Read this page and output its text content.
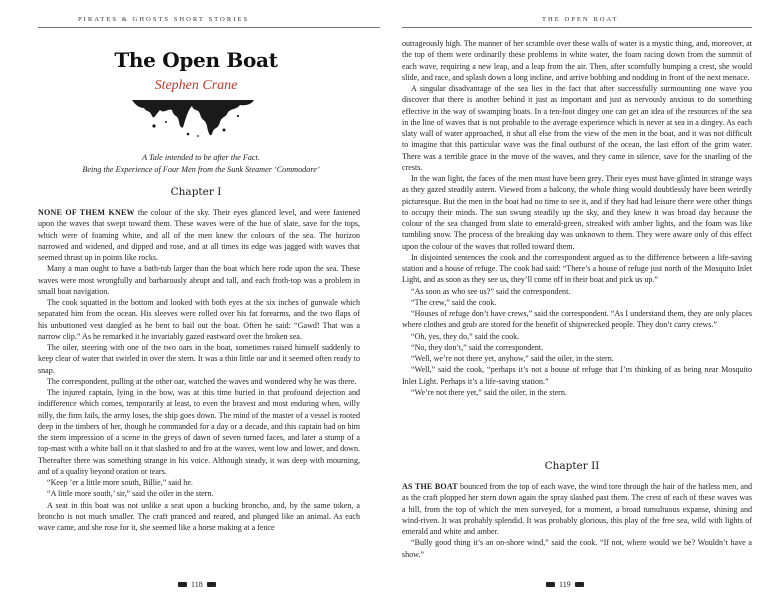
PIRATES & GHOSTS SHORT STORIES
The Open Boat
Stephen Crane
A Tale intended to be after the Fact.
Being the Experience of Four Men from the Sunk Steamer ‘Commodore’
Chapter I

NONE OF THEM KNEW the colour of the sky. Their eyes glanced level, and were fastened upon the waves that swept toward them. These waves were of the hue of slate, save for the tops, which were of foaming white, and all of the men knew the colours of the sea. The horizon narrowed and widened, and dipped and rose, and at all times its edge was jagged with waves that seemed thrust up in points like rocks.

Many a man ought to have a bath-tub larger than the boat which here rode upon the sea. These waves were most wrongfully and barbarously abrupt and tall, and each froth-top was a problem in small boat navigation.

The cook squatted in the bottom and looked with both eyes at the six inches of gunwale which separated him from the ocean. His sleeves were rolled over his fat forearms, and the two flaps of his unbuttoned vest dangled as he bent to bail out the boat. Often he said: “Gawd! That was a narrow clip.” As he remarked it he invariably gazed eastward over the broken sea.

The oiler, steering with one of the two oars in the boat, sometimes raised himself suddenly to keep clear of water that swirled in over the stern. It was a thin little oar and it seemed often ready to snap.

The correspondent, pulling at the other oar, watched the waves and wondered why he was there.

The injured captain, lying in the bow, was at this time buried in that profound dejection and indifference which comes, temporarily at least, to even the bravest and most enduring when, willy nilly, the firm fails, the army loses, the ship goes down. The mind of the master of a vessel is rooted deep in the timbers of her, though he commanded for a day or a decade, and this captain had on him the stern impression of a scene in the greys of dawn of seven turned faces, and later a stump of a top-mast with a white ball on it that slashed to and fro at the waves, went low and lower, and down. Thereafter there was something strange in his voice. Although steady, it was deep with mourning, and of a quality beyond oration or tears.

“Keep ’er a little more south, Billie,” said he.

“A little more south,’ sir,” said the oiler in the stern.

A seat in this boat was not unlike a seat upon a bucking broncho, and, by the same token, a broncho is not much smaller. The craft pranced and reared, and plunged like an animal. As each wave came, and she rose for it, she seemed like a horse making at a fence

118
THE OPEN BOAT

outrageously high. The manner of her scramble over these walls of water is a mystic thing, and, moreover, at the top of them were ordinarily these problems in white water, the foam racing down from the summit of each wave, requiring a new leap, and a leap from the air. Then, after scornfully bumping a crest, she would slide, and race, and splash down a long incline, and arrive bobbing and nodding in front of the next menace.

A singular disadvantage of the sea lies in the fact that after successfully surmounting one wave you discover that there is another behind it just as important and just as nervously anxious to do something effective in the way of swamping boats. In a ten-foot dingey one can get an idea of the resources of the sea in the line of waves that is not probable to the average experience which is never at sea in a dingey. As each slaty wall of water approached, it shut all else from the view of the men in the boat, and it was not difficult to imagine that this particular wave was the final outburst of the ocean, the last effort of the grim water. There was a terrible grace in the move of the waves, and they came in silence, save for the snarling of the crests.

In the wan light, the faces of the men must have been grey. Their eyes must have glinted in strange ways as they gazed steadily astern. Viewed from a balcony, the whole thing would doubtlessly have been weirdly picturesque. But the men in the boat had no time to see it, and if they had had leisure there were other things to occupy their minds. The sun swung steadily up the sky, and they knew it was broad day because the colour of the sea changed from slate to emerald-green, streaked with amber lights, and the foam was like tumbling snow. The process of the breaking day was unknown to them. They were aware only of this effect upon the colour of the waves that rolled toward them.

In disjointed sentences the cook and the correspondent argued as to the difference between a life-saving station and a house of refuge. The cook had said: “There’s a house of refuge just north of the Mosquito Inlet Light, and as soon as they see us, they’ll come off in their boat and pick us up.”

“As soon as who see us?” said the correspondent.

“The crew,” said the cook.

“Houses of refuge don’t have crews,” said the correspondent. “As I understand them, they are only places where clothes and grub are stored for the benefit of shipwrecked people. They don’t carry crews.”

“Oh, yes, they do,” said the cook.

“No, they don’t,” said the correspondent.

“Well, we’re not there yet, anyhow,” said the oiler, in the stern.

“Well,” said the cook, “perhaps it’s not a house of refuge that I’m thinking of as being near Mosquito Inlet Light. Perhaps it’s a life-saving station.”

“We’re not there yet,” said the oiler, in the stern.

Chapter II

AS THE BOAT bounced from the top of each wave, the wind tore through the hair of the hatless men, and as the craft plopped her stern down again the spray slashed past them. The crest of each of these waves was a hill, from the top of which the men surveyed, for a moment, a broad tumultuous expanse, shining and wind-riven. It was probably splendid. It was probably glorious, this play of the free sea, wild with lights of emerald and white and amber.

“Bully good thing it’s an on-shore wind,” said the cook. “If not, where would we be? Wouldn’t have a show.”

119
